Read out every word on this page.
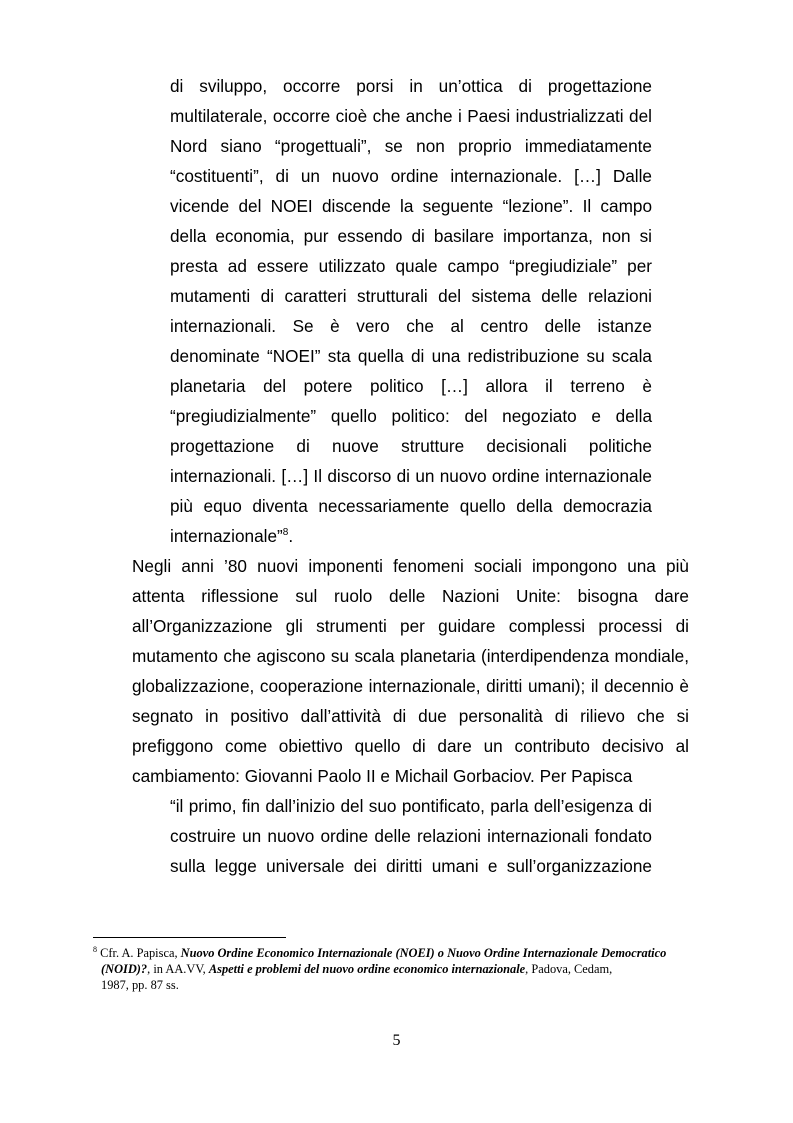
di sviluppo, occorre porsi in un’ottica di progettazione
multilaterale, occorre cioè che anche i Paesi industrializzati del
Nord siano “progettuali”, se non proprio immediatamente
“costituenti”, di un nuovo ordine internazionale. […] Dalle
vicende del NOEI discende la seguente “lezione”. Il campo
della economia, pur essendo di basilare importanza, non si
presta ad essere utilizzato quale campo “pregiudiziale” per
mutamenti di caratteri strutturali del sistema delle relazioni
internazionali. Se è vero che al centro delle istanze
denominate “NOEI” sta quella di una redistribuzione su scala
planetaria del potere politico […] allora il terreno è
“pregiudizialmente” quello politico: del negoziato e della
progettazione di nuove strutture decisionali politiche
internazionali. […] Il discorso di un nuovo ordine internazionale
più equo diventa necessariamente quello della democrazia
internazionale”$^8$.
Negli anni ’80 nuovi imponenti fenomeni sociali impongono una più
attenta riflessione sul ruolo delle Nazioni Unite: bisogna dare
all’Organizzazione gli strumenti per guidare complessi processi di
mutamento che agiscono su scala planetaria (interdipendenza mondiale,
globalizzazione, cooperazione internazionale, diritti umani); il decennio è
segnato in positivo dall’attività di due personalità di rilievo che si
prefiggono come obiettivo quello di dare un contributo decisivo al
cambiamento: Giovanni Paolo II e Michail Gorbaciov. Per Papisca
“il primo, fin dall’inizio del suo pontificato, parla dell’esigenza di
costruire un nuovo ordine delle relazioni internazionali fondato
sulla legge universale dei diritti umani e sull’organizzazione
$^8$ Cfr. A. Papisca, Nuovo Ordine Economico Internazionale (NOEI) o Nuovo Ordine Internazionale Democratico
(NOID)?, in AA.VV, Aspetti e problemi del nuovo ordine economico internazionale, Padova, Cedam,
1987, pp. 87 ss.
5
